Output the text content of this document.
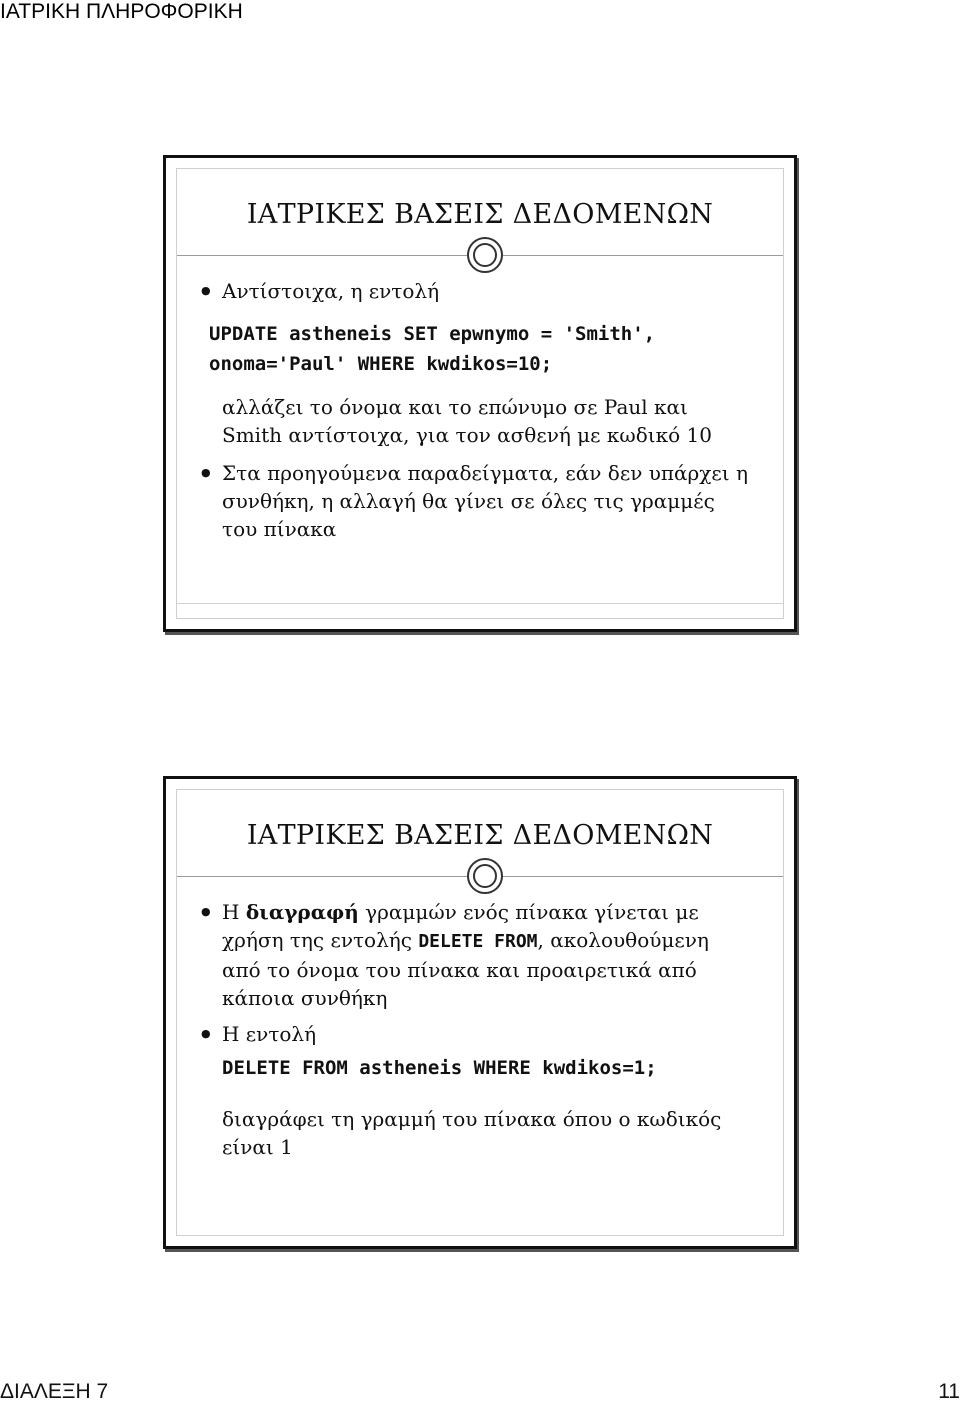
ΙΑΤΡΙΚΗ ΠΛΗΡΟΦΟΡΙΚΗ
ΙΑΤΡΙΚΕΣ ΒΑΣΕΙΣ ΔΕΔΟΜΕΝΩΝ
● Αντίστοιχα, η εντολή
UPDATE astheneis SET epwnymo = 'Smith',
onoma='Paul' WHERE kwdikos=10;
αλλάζει το όνομα και το επώνυμο σε Paul και Smith αντίστοιχα, για τον ασθενή με κωδικό 10
● Στα προηγούμενα παραδείγματα, εάν δεν υπάρχει η συνθήκη, η αλλαγή θα γίνει σε όλες τις γραμμές του πίνακα
ΙΑΤΡΙΚΕΣ ΒΑΣΕΙΣ ΔΕΔΟΜΕΝΩΝ
● Η διαγραφή γραμμών ενός πίνακα γίνεται με χρήση της εντολής DELETE FROM, ακολουθούμενη από το όνομα του πίνακα και προαιρετικά από κάποια συνθήκη
● Η εντολή
DELETE FROM astheneis WHERE kwdikos=1;
διαγράφει τη γραμμή του πίνακα όπου ο κωδικός είναι 1
ΔΙΑΛΕΞΗ 7	11
